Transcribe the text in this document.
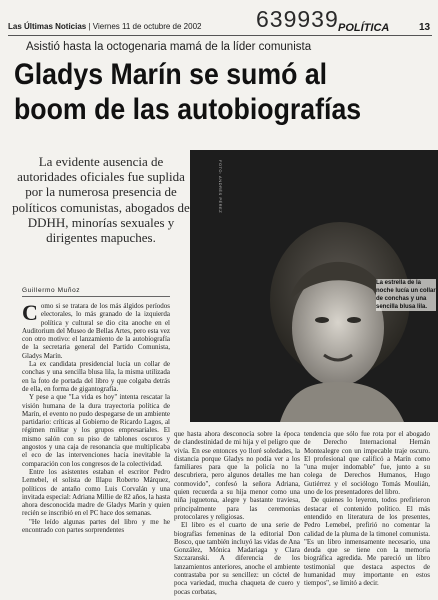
Las Últimas Noticias | Viernes 11 de octubre de 2002 639939 POLÍTICA	13
Asistió hasta la octogenaria mamá de la líder comunista
Gladys Marín se sumó al boom de las autobiografías
La evidente ausencia de autoridades oficiales fue suplida por la numerosa presencia de políticos comunistas, abogados de DDHH, minorías sexuales y dirigentes mapuches.
FOTO: ANDRÉS PÉREZ
La estrella de la noche lucía un collar de conchas y una sencilla blusa lila.
Guillermo Muñoz

Como si se tratara de los más álgidos períodos electorales, lo más granado de la izquierda política y cultural se dio cita anoche en el Auditorium del Museo de Bellas Artes, pero esta vez con otro motivo: el lanzamiento de la autobiografía de la secretaria general del Partido Comunista, Gladys Marín.

La ex candidata presidencial lucía un collar de conchas y una sencilla blusa lila, la misma utilizada en la foto de portada del libro y que colgaba detrás de ella, en forma de gigantografía.

Y pese a que "La vida es hoy" intenta rescatar la visión humana de la dura trayectoria política de Marín, el evento no pudo despegarse de un ambiente partidario: críticas al Gobierno de Ricardo Lagos, al régimen militar y los grupos empresariales. El mismo salón con su piso de tablones oscuros y angostos y una caja de resonancia que multiplicaba el eco de las intervenciones hacia inevitable la comparación con los congresos de la colectividad.

Entre los asistentes estaban el escritor Pedro Lemebel, el solista de Illapu Roberto Márquez, políticos de antaño como Luis Corvalán y una invitada especial: Adriana Millie de 82 años, la hasta ahora desconocida madre de Gladys Marín y quien recién se inscribió en el PC hace dos semanas.

"He leído algunas partes del libro y me he encontrado con partes sorprendentes

que hasta ahora desconocía sobre la época de clandestinidad de mi hija y el peligro que vivía. En ese entonces yo lloré soledades, la distancia porque Gladys no podía ver a los familiares para que la policía no la descubriera, pero algunos detalles me han conmovido", confesó la señora Adriana, quien recuerda a su hija menor como una niña juguetona, alegre y bastante traviesa, principalmente para las ceremonias protocolares y religiosas.

El libro es el cuarto de una serie de biografías femeninas de la editorial Don Bosco, que también incluyó las vidas de Ana González, Mónica Madariaga y Clara Szczaranski. A diferencia de los lanzamientos anteriores, anoche el ambiente contrastaba por su sencillez: un cóctel de poca variedad, mucha chaqueta de cuero y pocas corbatas,

tendencia que sólo fue rota por el abogado de Derecho Internacional Hernán Montealegre con un impecable traje oscuro. El profesional que calificó a Marín como "una mujer indomable" fue, junto a su colega de Derechos Humanos, Hugo Gutiérrez y el sociólogo Tomás Moulián, uno de los presentadores del libro.

De quienes lo leyeron, todos prefirieron destacar el contenido político. El más entendido en literatura de los presentes, Pedro Lemebel, prefirió no comentar la calidad de la pluma de la timonel comunista. "Es un libro inmensamente necesario, una deuda que se tiene con la memoria biográfica agredida. Me pareció un libro testimonial que destaca aspectos de humanidad muy importante en estos tiempos", se limitó a decir.
